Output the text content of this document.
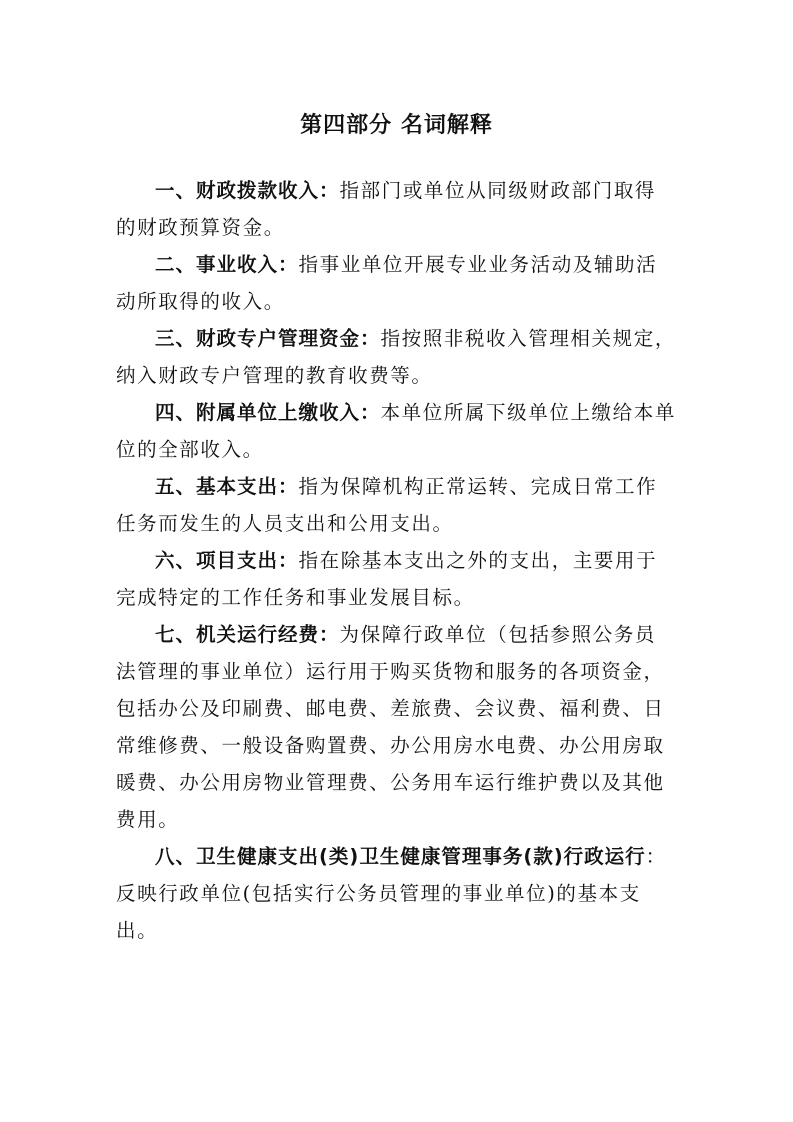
第四部分 名词解释

一、财政拨款收入：指部门或单位从同级财政部门取得的财政预算资金。

二、事业收入：指事业单位开展专业业务活动及辅助活动所取得的收入。

三、财政专户管理资金：指按照非税收入管理相关规定，纳入财政专户管理的教育收费等。

四、附属单位上缴收入：本单位所属下级单位上缴给本单位的全部收入。

五、基本支出：指为保障机构正常运转、完成日常工作任务而发生的人员支出和公用支出。

六、项目支出：指在除基本支出之外的支出，主要用于完成特定的工作任务和事业发展目标。

七、机关运行经费：为保障行政单位（包括参照公务员法管理的事业单位）运行用于购买货物和服务的各项资金，包括办公及印刷费、邮电费、差旅费、会议费、福利费、日常维修费、一般设备购置费、办公用房水电费、办公用房取暖费、办公用房物业管理费、公务用车运行维护费以及其他费用。

八、卫生健康支出(类)卫生健康管理事务(款)行政运行：反映行政单位(包括实行公务员管理的事业单位)的基本支出。
